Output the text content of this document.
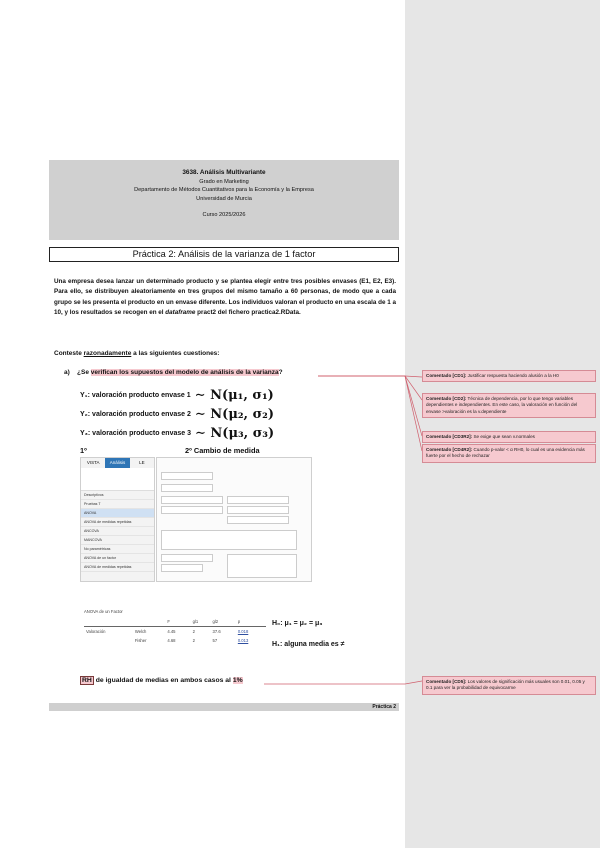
3638. Análisis Multivariante
Grado en Marketing
Departamento de Métodos Cuantitativos para la Economía y la Empresa
Universidad de Murcia
Curso 2025/2026
Práctica 2: Análisis de la varianza de 1 factor
Una empresa desea lanzar un determinado producto y se plantea elegir entre tres posibles envases (E1, E2, E3). Para ello, se distribuyen aleatoriamente en tres grupos del mismo tamaño a 60 personas, de modo que a cada grupo se les presenta el producto en un envase diferente. Los individuos valoran el producto en una escala de 1 a 10, y los resultados se recogen en el dataframe pract2 del fichero practica2.RData.
Conteste razonadamente a las siguientes cuestiones:
a) ¿Se verifican los supuestos del modelo de análisis de la varianza?
Y₁: valoración producto envase 1 ∼ N(μ₁, σ₁)
Y₂: valoración producto envase 2 ∼ N(μ₂, σ₂)
Y₃: valoración producto envase 3 ∼ N(μ₃, σ₃)
1º	2º Cambio de medida
VISTA	Análisis	LE
Descriptivos
Pruebas T
ANOVA
ANOVA de medidas repetidas
ANCOVA
MANCOVA
No paramétricas
ANOVA de un factor
ANOVA de medidas repetidas
ANOVA de un Factor
		F	gl1	gl2	p
Valoración	Welch	4.45	2	37.6	0.018
	Fisher	4.68	2	57	0.013
H₀: μ₁ = μ₂ = μ₃
H₁: alguna media es ≠
RH de igualdad de medias en ambos casos al 1%
Práctica 2
Comentado [CD1]: Justificar respuesta haciendo alusión a la H0
Comentado [CD2]: Técnica de dependencia, por lo que tengo variables dependientes e independientes. En este caso, la valoración en función del envase >valoración es la v.dependiente
Comentado [CD3R2]: Se exige que sean v.normales
Comentado [CD4R2]: Cuando p-valor < α RH0, lo cual es una evidencia más fuerte por el hecho de rechazar
Comentado [CD5]: Los valores de significación más usuales son 0.01, 0.05 y 0.1 para ver la probabilidad de equivocarme
